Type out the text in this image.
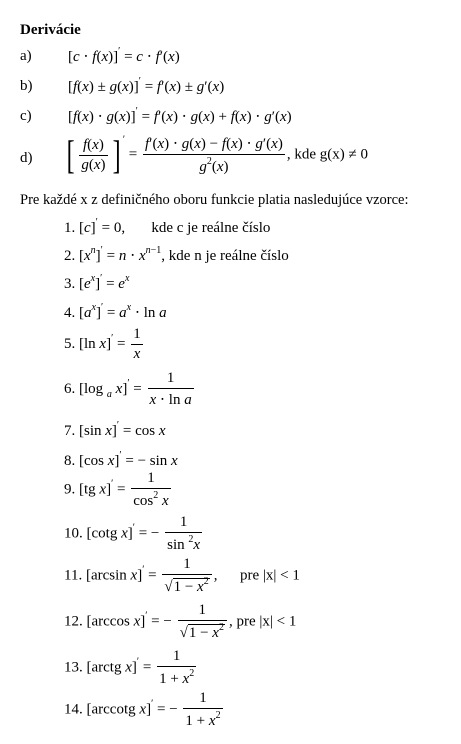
Derivácie
a) [c ⋅ f(x)]′ = c ⋅ f′(x)
b) [f(x) ± g(x)]′ = f′(x) ± g′(x)
c) [f(x) ⋅ g(x)]′ = f′(x) ⋅ g(x) + f(x) ⋅ g′(x)
d) [ $\frac{f(x)}{g(x)}$ ] $' = \frac{f'(x) \cdot g(x) - f(x) \cdot g'(x)}{g^2(x)}$ , kde g(x) ≠ 0
Pre každé x z definičného oboru funkcie platia nasledujúce vzorce:
1. [c]′ = 0,       kde c je reálne číslo
2. $[x^n]' = n \cdot x^{n-1}$, kde n je reálne číslo
3. $[e^x]' = e^x$
4. $[a^x]' = a^x \cdot \ln a$
5. [ln $x]' = \frac{1}{x}$
6. [log $_a$ $x]' = \frac{1}{\text{x ⋅ ln a}}$
7. [sin x]′ = cos x
8. [cos x]′ = − sin x
9. [tg $x]' = \frac{1}{\cos^2 x}$
10. [cotg x]′ = − $\frac{1}{\sin ^2x}$
11. [arcsin $x]' = \frac{1}{√1 - x^2}$ ,      pre |x| < 1
12. [arccos x]′ = − $\frac{1}{√1 - x^2}$ , pre |x| < 1
13. [arctg $x]' = \frac{1}{1 + x^2}$
14. [arccotg x]′ = − $\frac{1}{1 + x^2}$
